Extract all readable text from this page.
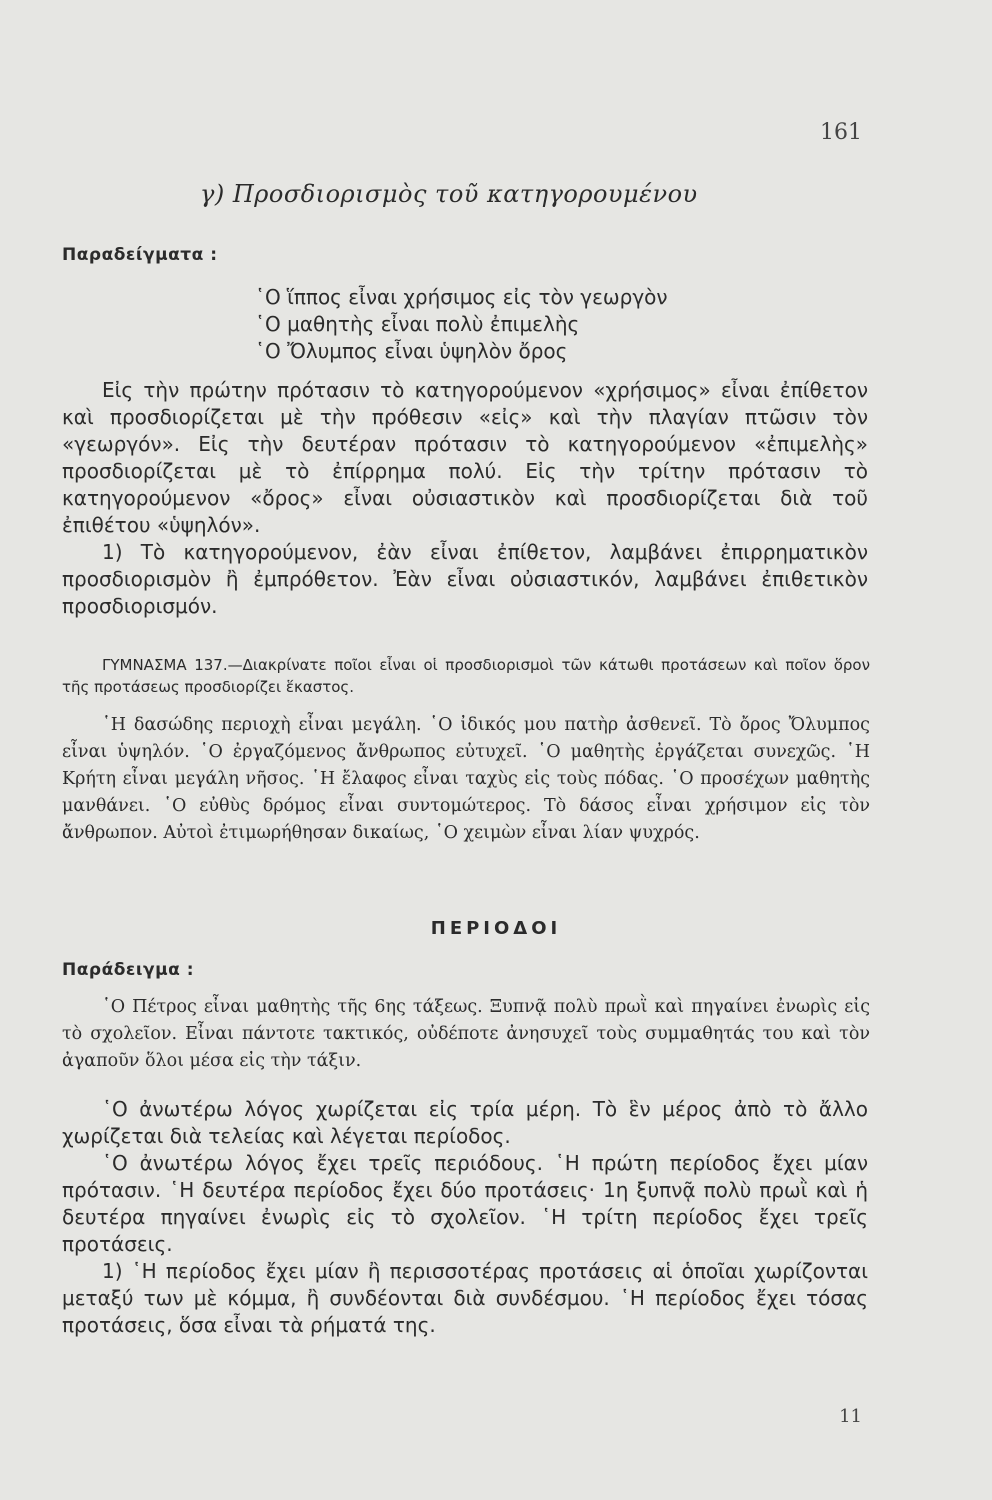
161
γ) Προσδιορισμὸς τοῦ κατηγορουμένου
Παραδείγματα :

῾Ο ἵππος εἶναι χρήσιμος εἰς τὸν γεωργὸν

῾Ο μαθητὴς εἶναι πολὺ ἐπιμελὴς

῾Ο Ὄλυμπος εἶναι ὑψηλὸν ὄρος

Εἰς τὴν πρώτην πρότασιν τὸ κατηγορούμενον «χρήσιμος» εἶναι ἐπίθετον καὶ προσδιορίζεται μὲ τὴν πρόθεσιν «εἰς» καὶ τὴν πλαγίαν πτῶσιν τὸν «γεωργόν». Εἰς τὴν δευτέραν πρότασιν τὸ κατηγορούμενον «ἐπιμελὴς» προσδιορίζεται μὲ τὸ ἐπίρρημα πολύ. Εἰς τὴν τρίτην πρότασιν τὸ κατηγορούμενον «ὄρος» εἶναι οὐσιαστικὸν καὶ προσδιορίζεται διὰ τοῦ ἐπιθέτου «ὑψηλόν».

1) Τὸ κατηγορούμενον, ἐὰν εἶναι ἐπίθετον, λαμβάνει ἐπιρρηματικὸν προσδιορισμὸν ἢ ἐμπρόθετον. Ἐὰν εἶναι οὐσιαστικόν, λαμβάνει ἐπιθετικὸν προσδιορισμόν.

ΓΥΜΝΑΣΜΑ 137.—Διακρίνατε ποῖοι εἶναι οἱ προσδιορισμοὶ τῶν κάτωθι προτάσεων καὶ ποῖον ὅρον τῆς προτάσεως προσδιορίζει ἕκαστος.

῾Η δασώδης περιοχὴ εἶναι μεγάλη. ῾Ο ἰδικός μου πατὴρ ἀσθενεῖ. Τὸ ὄρος Ὄλυμπος εἶναι ὑψηλόν. ῾Ο ἐργαζόμενος ἄνθρωπος εὐτυχεῖ. ῾Ο μαθητὴς ἐργάζεται συνεχῶς. ῾Η Κρήτη εἶναι μεγάλη νῆσος. ῾Η ἔλαφος εἶναι ταχὺς εἰς τοὺς πόδας. ῾Ο προσέχων μαθητὴς μανθάνει. ῾Ο εὐθὺς δρόμος εἶναι συντομώτερος. Τὸ δάσος εἶναι χρήσιμον εἰς τὸν ἄνθρωπον. Αὐτοὶ ἐτιμωρήθησαν δικαίως, ῾Ο χειμὼν εἶναι λίαν ψυχρός.

ΠΕΡΙΟΔΟΙ
Παράδειγμα :

῾Ο Πέτρος εἶναι μαθητὴς τῆς 6ης τάξεως. Ξυπνᾷ πολὺ πρωῒ καὶ πηγαίνει ἐνωρὶς εἰς τὸ σχολεῖον. Εἶναι πάντοτε τακτικός, οὐδέποτε ἀνησυχεῖ τοὺς συμμαθητάς του καὶ τὸν ἀγαποῦν ὅλοι μέσα εἰς τὴν τάξιν.

῾Ο ἀνωτέρω λόγος χωρίζεται εἰς τρία μέρη. Τὸ ἓν μέρος ἀπὸ τὸ ἄλλο χωρίζεται διὰ τελείας καὶ λέγεται περίοδος.

῾Ο ἀνωτέρω λόγος ἔχει τρεῖς περιόδους. ῾Η πρώτη περίοδος ἔχει μίαν πρότασιν. ῾Η δευτέρα περίοδος ἔχει δύο προτάσεις· 1η ξυπνᾷ πολὺ πρωῒ καὶ ἡ δευτέρα πηγαίνει ἐνωρὶς εἰς τὸ σχολεῖον. ῾Η τρίτη περίοδος ἔχει τρεῖς προτάσεις.

1) ῾Η περίοδος ἔχει μίαν ἢ περισσοτέρας προτάσεις αἱ ὁποῖαι χωρίζονται μεταξύ των μὲ κόμμα, ἢ συνδέονται διὰ συνδέσμου. ῾Η περίοδος ἔχει τόσας προτάσεις, ὅσα εἶναι τὰ ρήματά της.

11
